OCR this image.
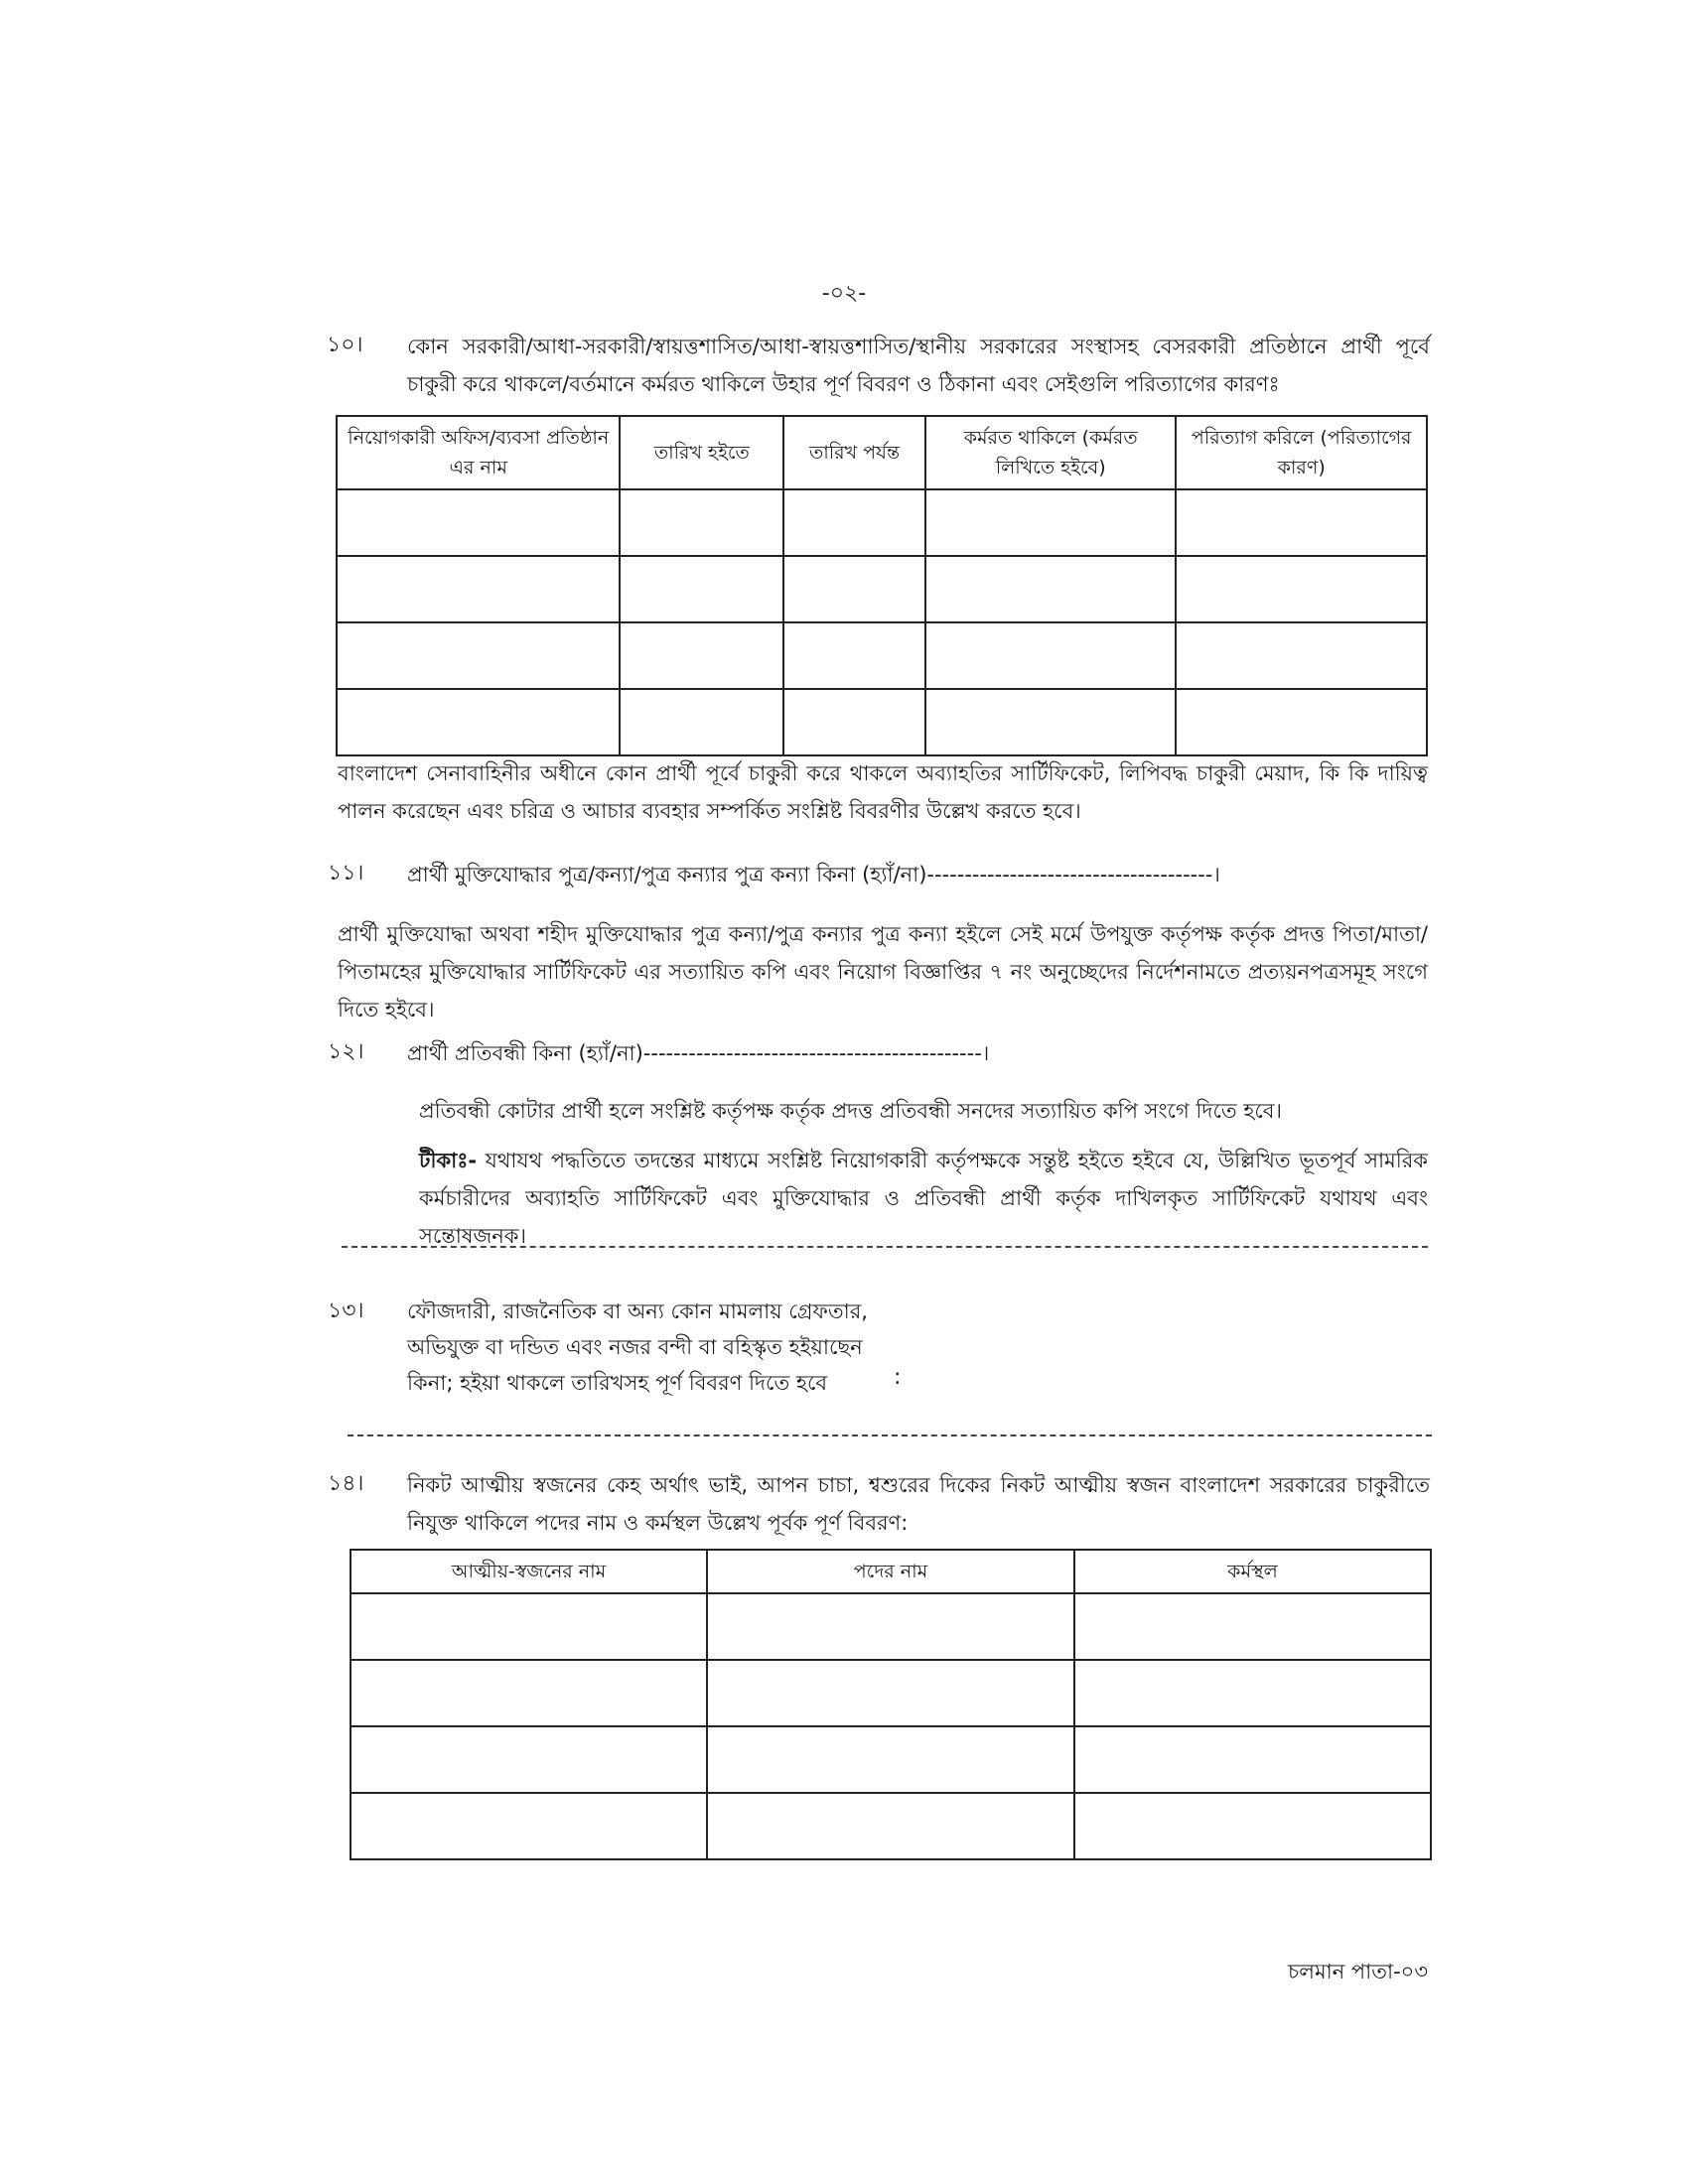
-০২-
১০। কোন সরকারী/আধা-সরকারী/স্বায়ত্তশাসিত/আধা-স্বায়ত্তশাসিত/স্থানীয় সরকারের সংস্থাসহ বেসরকারী প্রতিষ্ঠানে প্রার্থী পূর্বে চাকুরী করে থাকলে/বর্তমানে কর্মরত থাকিলে উহার পূর্ণ বিবরণ ও ঠিকানা এবং সেইগুলি পরিত্যাগের কারণঃ
নিয়োগকারী অফিস/ব্যবসা প্রতিষ্ঠান এর নাম	তারিখ হইতে	তারিখ পর্যন্ত	কর্মরত থাকিলে (কর্মরত লিখিতে হইবে)	পরিত্যাগ করিলে (পরিত্যাগের কারণ)

বাংলাদেশ সেনাবাহিনীর অধীনে কোন প্রার্থী পূর্বে চাকুরী করে থাকলে অব্যাহতির সার্টিফিকেট, লিপিবদ্ধ চাকুরী মেয়াদ, কি কি দায়িত্ব পালন করেছেন এবং চরিত্র ও আচার ব্যবহার সম্পর্কিত সংশ্লিষ্ট বিবরণীর উল্লেখ করতে হবে।
১১। প্রার্থী মুক্তিযোদ্ধার পুত্র/কন্যা/পুত্র কন্যার পুত্র কন্যা কিনা (হ্যাঁ/না)--------------------------------------।
প্রার্থী মুক্তিযোদ্ধা অথবা শহীদ মুক্তিযোদ্ধার পুত্র কন্যা/পুত্র কন্যার পুত্র কন্যা হইলে সেই মর্মে উপযুক্ত কর্তৃপক্ষ কর্তৃক প্রদত্ত পিতা/মাতা/পিতামহের মুক্তিযোদ্ধার সার্টিফিকেট এর সত্যায়িত কপি এবং নিয়োগ বিজ্ঞাপ্তির ৭ নং অনুচ্ছেদের নির্দেশনামতে প্রত্যয়নপত্রসমূহ সংগে দিতে হইবে।
১২। প্রার্থী প্রতিবন্ধী কিনা (হ্যাঁ/না)---------------------------------------------।
প্রতিবন্ধী কোটার প্রার্থী হলে সংশ্লিষ্ট কর্তৃপক্ষ কর্তৃক প্রদত্ত প্রতিবন্ধী সনদের সত্যায়িত কপি সংগে দিতে হবে।
টীকাঃ- যথাযথ পদ্ধতিতে তদন্তের মাধ্যমে সংশ্লিষ্ট নিয়োগকারী কর্তৃপক্ষকে সন্তুষ্ট হইতে হইবে যে, উল্লিখিত ভূতপূর্ব সামরিক কর্মচারীদের অব্যাহতি সার্টিফিকেট এবং মুক্তিযোদ্ধার ও প্রতিবন্ধী প্রার্থী কর্তৃক দাখিলকৃত সার্টিফিকেট যথাযথ এবং সন্তোষজনক।
১৩। ফৌজদারী, রাজনৈতিক বা অন্য কোন মামলায় গ্রেফতার,
অভিযুক্ত বা দন্ডিত এবং নজর বন্দী বা বহিস্কৃত হইয়াছেন
কিনা; হইয়া থাকলে তারিখসহ পূর্ণ বিবরণ দিতে হবে	:
১৪। নিকট আত্মীয় স্বজনের কেহ অর্থাৎ ভাই, আপন চাচা, শ্বশুরের দিকের নিকট আত্মীয় স্বজন বাংলাদেশ সরকারের চাকুরীতে নিযুক্ত থাকিলে পদের নাম ও কর্মস্থল উল্লেখ পূর্বক পূর্ণ বিবরণ:
আত্মীয়-স্বজনের নাম	পদের নাম	কর্মস্থল

চলমান পাতা-০৩
